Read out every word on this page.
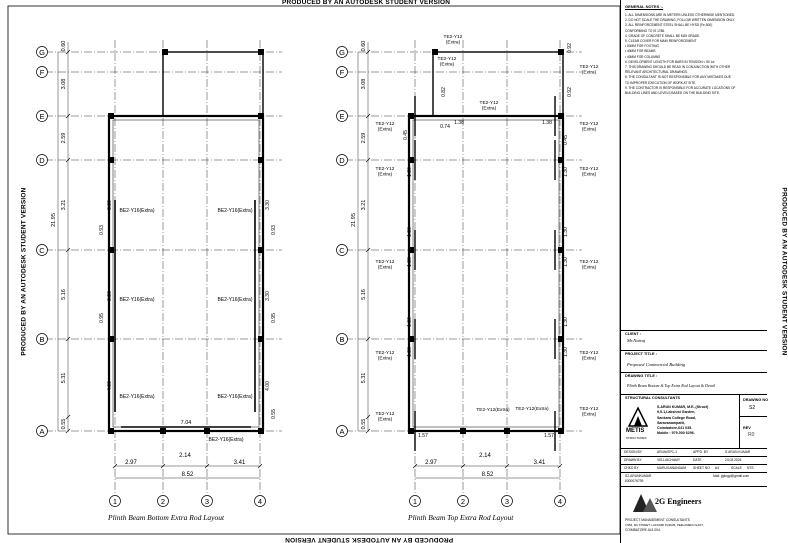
PRODUCED BY AN AUTODESK STUDENT VERSION
PRODUCED BY AN AUTODESK STUDENT VERSION
PRODUCED BY AN AUTODESK STUDENT VERSION	PRODUCED BY AN AUTODESK STUDENT VERSION
G
F
E
D
C
B
A
1	2	3	4
0.60
3.08
2.59
3.21
5.16
5.31
0.55
21.95
2.97
2.14
3.41
8.52
BE2-Y16(Extra)	BE2-Y16(Extra)
BE2-Y16(Extra)	BE2-Y16(Extra)
BE2-Y16(Extra)	BE2-Y16(Extra)
BE2-Y16(Extra)
7.04
3.30
0.93
3.30
0.95
4.00
3.30
0.93
3.30
0.95
4.00
0.55
G
F
E
D
C
B
A
1	2	3	4
0.60
3.08
2.59
3.21
5.16
5.31
0.55
21.95
2.97
2.14
3.41
8.52
TE2-Y12
(Extra)
TE2-Y12
(Extra)
TE2-Y12
(Extra)
TE2-Y12
(Extra)
TE2-Y12
(Extra)
TE2-Y12
(Extra)
TE2-Y12
(Extra)
TE2-Y12
(Extra)
TE2-Y12
(Extra)
TE2-Y12
(Extra)
TE2-Y12
(Extra)
TE2-Y12
(Extra)
TE2-Y12
(Extra)
TE2-Y12
(Extra)
TE2-Y12(Extra) TE2-Y12(Extra)
0.92
0.82	0.92
0.74
1.38	1.38
0.45
0.45
1.30	1.30
1.30	1.30
1.30	1.30
1.30	1.30
1.30	1.30
1.57	1.57
Plinth Beam Bottom Extra Rod Layout	Plinth Beam Top Extra Rod Layout
GENERAL NOTES :-
1. ALL DIMENSIONS ARE IN METERS UNLESS OTHERWISE MENTIONED.
2. DO NOT SCALE THE DRAWING, FOLLOW WRITTEN DIMENSION ONLY.
3. ALL REINFORCEMENT STEEL SHALL BE HYSD (Fe-500)
CONFORMING TO IS 1786.
4. GRADE OF CONCRETE SHALL BE M25 GRADE.
5. CLEAR COVER FOR MAIN REINFORCEMENT
• 50MM FOR FOOTING
• 40MM FOR BEAMS
• 40MM FOR COLUMNS
6. DEVELOPMENT LENGTH FOR BARS IN TENSION = 50 Ld.
7. THIS DRAWING SHOULD BE READ IN CONJUNCTION WITH OTHER
RELEVANT ARCHITECTURAL DRAWINGS.
8. THE CONSULTANT IS NOT RESPONSIBLE FOR ANY MISTAKES DUE
TO IMPROPER EXECUTION OF WORK AT SITE.
9. THE CONTRACTOR IS RESPONSIBLE FOR ACCURATE LOCATIONS OF
BUILDING LINES AND LEVELS BASED ON THE BUILDING SITE.
CLIENT :
Mr.Natraj
PROJECT TITLE :
Proposed Commercial Building
DRAWING TITLE :
Plinth Beam Bottom & Top Extra Rod Layout & Detail
STRUCTURAL CONSULTANTS	DRAWING NO
S2
REV
R0
METIS
STRUCTURES
S.ARUN KUMAR, M.E.,(Struct)
9,9-1,Lakshmi Garden,
Sankara College Road,
Saravanampatti,
Coimbatore-641 035.
Mobile : 979-000 6296.
DESIGN BY	ARUN/SPC-1	APPD. BY	S.ARUN KUMAR
DRAWN BY	VELLAICHAMY	DATE	24.03.2024
CHKD BY	MURUGANANDAM SHEET NO A4	SCALE NTS
S2-ARUNKUMAR
8300076739
Mail: gplngp@gmail.com
2G Engineers
PROJECT MANAGEMENT CONSULTANTS
7/456, 6th STREET, LAKSHMI PURAM, PEELAMEDU EAST,
COIMBATORE-641 004.
